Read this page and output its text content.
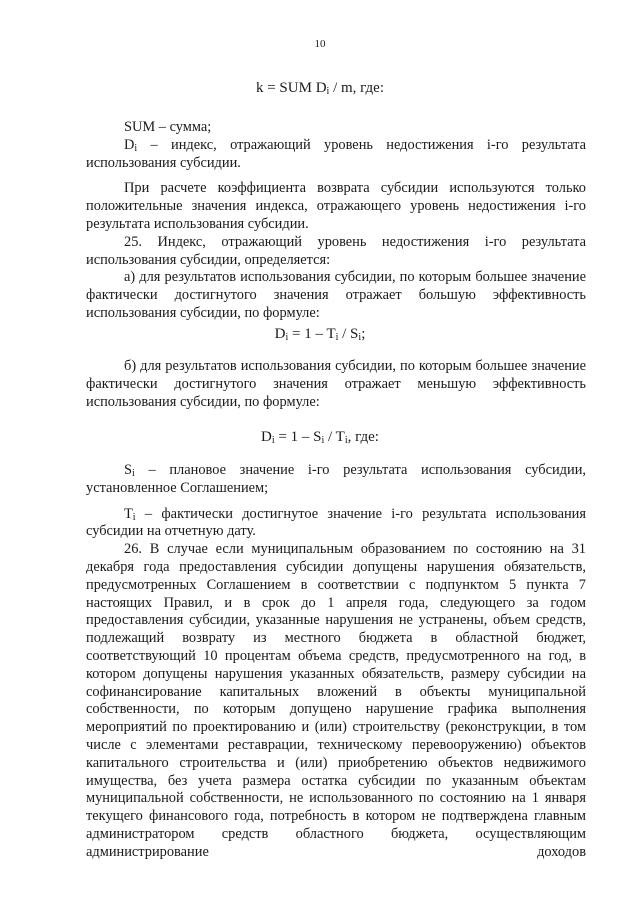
10
k = SUM $D_i$ / m, где:

SUM – сумма;

$D_i$ – индекс, отражающий уровень недостижения i-го результата использования субсидии.

При расчете коэффициента возврата субсидии используются только положительные значения индекса, отражающего уровень недостижения i-го результата использования субсидии.

25. Индекс, отражающий уровень недостижения i-го результата использования субсидии, определяется:

а) для результатов использования субсидии, по которым большее значение фактически достигнутого значения отражает большую эффективность использования субсидии, по формуле:

$D_i = 1 - T_i / S_i$;

б) для результатов использования субсидии, по которым большее значение фактически достигнутого значения отражает меньшую эффективность использования субсидии, по формуле:

$D_i = 1 - S_i / T_i$, где:

$S_i$ – плановое значение i-го результата использования субсидии, установленное Соглашением;

$T_i$ – фактически достигнутое значение i-го результата использования субсидии на отчетную дату.

26. В случае если муниципальным образованием по состоянию на 31 декабря года предоставления субсидии допущены нарушения обязательств, предусмотренных Соглашением в соответствии с подпунктом 5 пункта 7 настоящих Правил, и в срок до 1 апреля года, следующего за годом предоставления субсидии, указанные нарушения не устранены, объем средств, подлежащий возврату из местного бюджета в областной бюджет, соответствующий 10 процентам объема средств, предусмотренного на год, в котором допущены нарушения указанных обязательств, размеру субсидии на софинансирование капитальных вложений в объекты муниципальной собственности, по которым допущено нарушение графика выполнения мероприятий по проектированию и (или) строительству (реконструкции, в том числе с элементами реставрации, техническому перевооружению) объектов капитального строительства и (или) приобретению объектов недвижимого имущества, без учета размера остатка субсидии по указанным объектам муниципальной собственности, не использованного по состоянию на 1 января текущего финансового года, потребность в котором не подтверждена главным администратором средств областного бюджета, осуществляющим администрирование доходов
